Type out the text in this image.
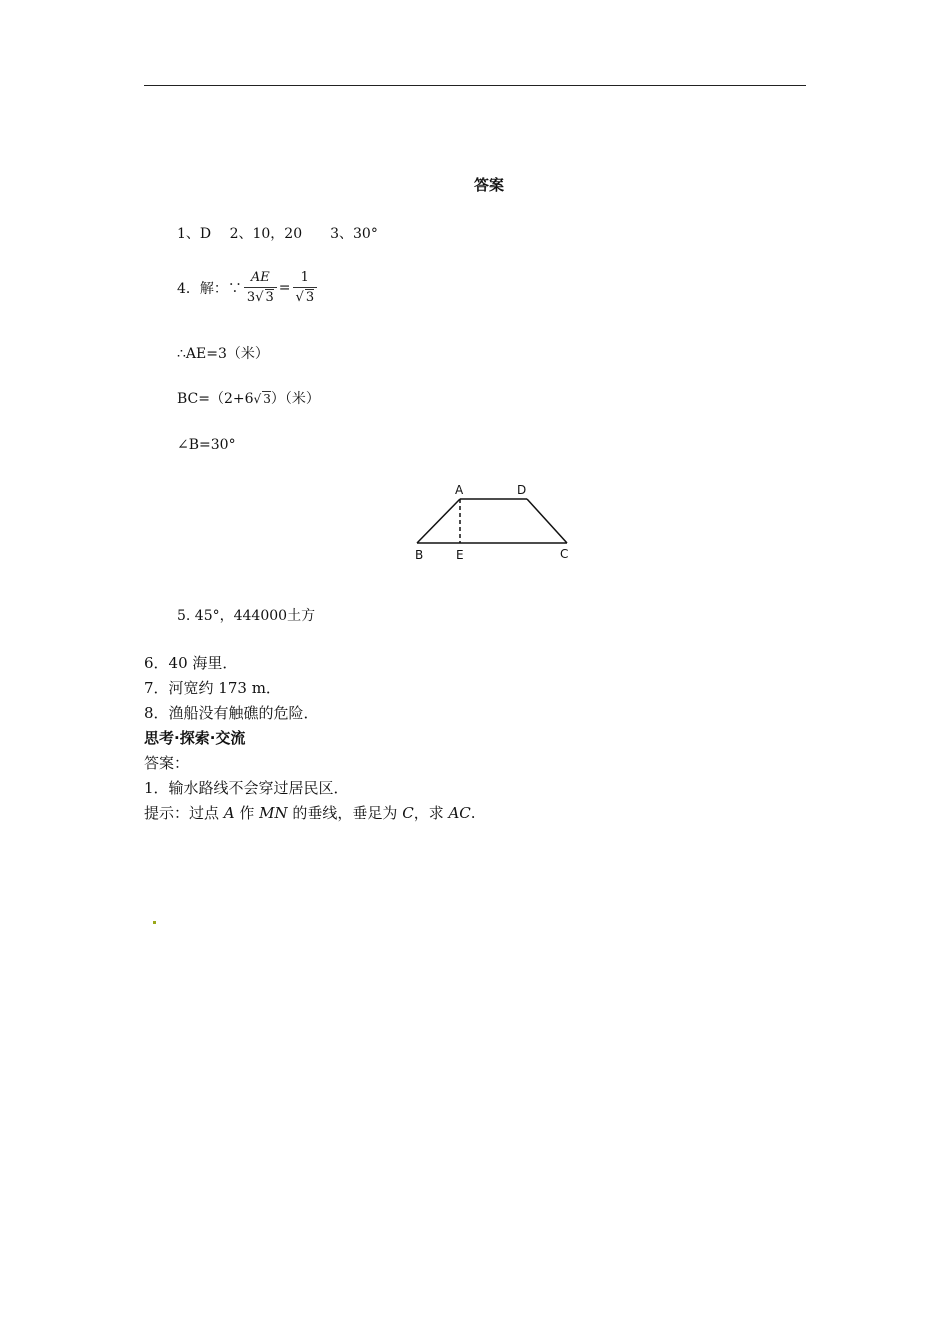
答案
1、D　 2、10，20　　3、30°
4．解：∵ $\frac{AE}{3√ 3} = \frac{1}{√ 3}$
∴AE=3（米）
BC=（2+6√ 3）（米）
∠B=30°
A	D
B	E	C
5. 45°，444000土方
6．40 海里．
7．河宽约 173 m．
8．渔船没有触礁的危险．
思考·探索·交流
答案：
1．输水路线不会穿过居民区．
提示：过点 A 作 MN 的垂线，垂足为 C，求 AC.
